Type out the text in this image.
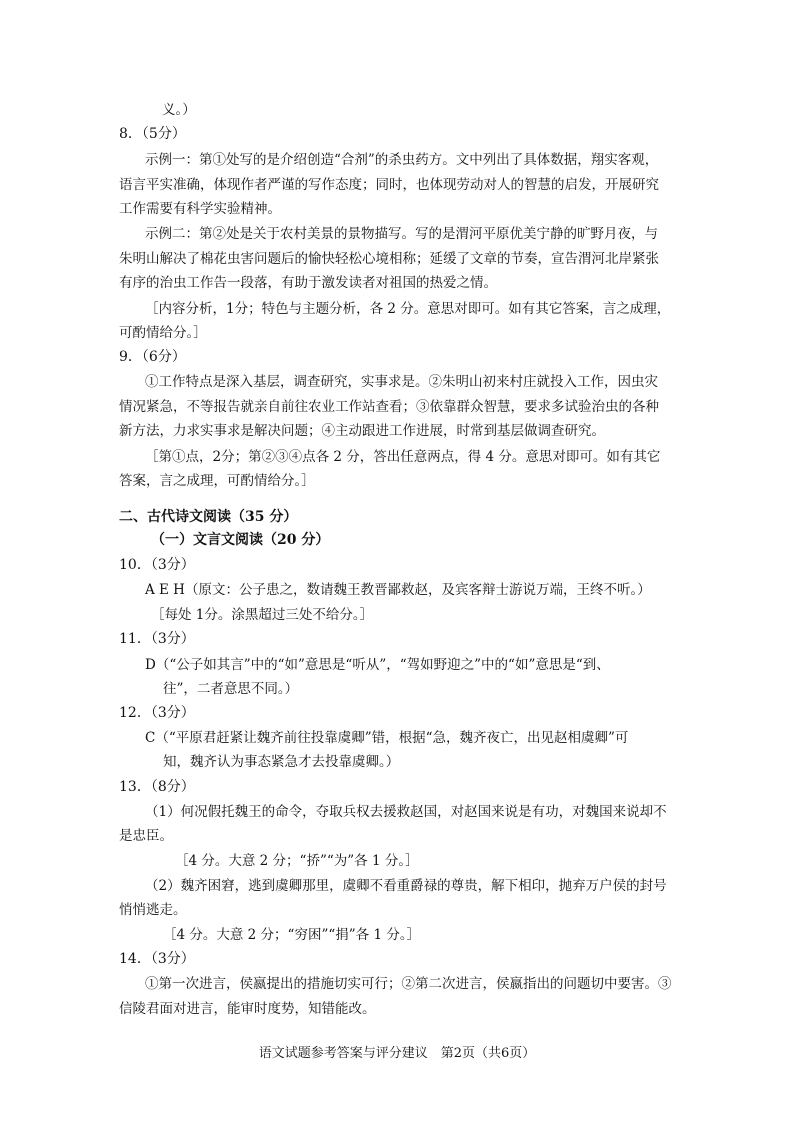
义。）
8．（5分）
示例一：第①处写的是介绍创造“合剂”的杀虫药方。文中列出了具体数据，翔实客观，
语言平实准确，体现作者严谨的写作态度；同时，也体现劳动对人的智慧的启发，开展研究
工作需要有科学实验精神。
示例二：第②处是关于农村美景的景物描写。写的是渭河平原优美宁静的旷野月夜，与
朱明山解决了棉花虫害问题后的愉快轻松心境相称；延缓了文章的节奏，宣告渭河北岸紧张
有序的治虫工作告一段落，有助于激发读者对祖国的热爱之情。
［内容分析，1分；特色与主题分析，各 2 分。意思对即可。如有其它答案，言之成理，
可酌情给分。］
9．（6分）
①工作特点是深入基层，调查研究，实事求是。②朱明山初来村庄就投入工作，因虫灾
情况紧急，不等报告就亲自前往农业工作站查看；③依靠群众智慧，要求多试验治虫的各种
新方法，力求实事求是解决问题；④主动跟进工作进展，时常到基层做调查研究。
［第①点，2分；第②③④点各 2 分，答出任意两点，得 4 分。意思对即可。如有其它
答案，言之成理，可酌情给分。］
二、古代诗文阅读（35 分）
（一）文言文阅读（20 分）
10．（3分）
A E H（原文：公子患之，数请魏王教晋鄙救赵，及宾客辩士游说万端，王终不听。）
［每处 1分。涂黑超过三处不给分。］
11．（3分）
D（“公子如其言”中的“如”意思是“听从”，“驾如野迎之”中的“如”意思是“到、
往”，二者意思不同。）
12．（3分）
C（“平原君赶紧让魏齐前往投靠虞卿”错，根据“急，魏齐夜亡，出见赵相虞卿”可
知，魏齐认为事态紧急才去投靠虞卿。）
13．（8分）
（1）何况假托魏王的命令，夺取兵权去援救赵国，对赵国来说是有功，对魏国来说却不
是忠臣。
［4 分。大意 2 分；“挢”“为”各 1 分。］
（2）魏齐困窘，逃到虞卿那里，虞卿不看重爵禄的尊贵，解下相印，抛弃万户侯的封号
悄悄逃走。
［4 分。大意 2 分；“穷困”“捐”各 1 分。］
14．（3分）
①第一次进言，侯嬴提出的措施切实可行；②第二次进言，侯嬴指出的问题切中要害。③
信陵君面对进言，能审时度势，知错能改。
语文试题参考答案与评分建议　第2页（共6页）
